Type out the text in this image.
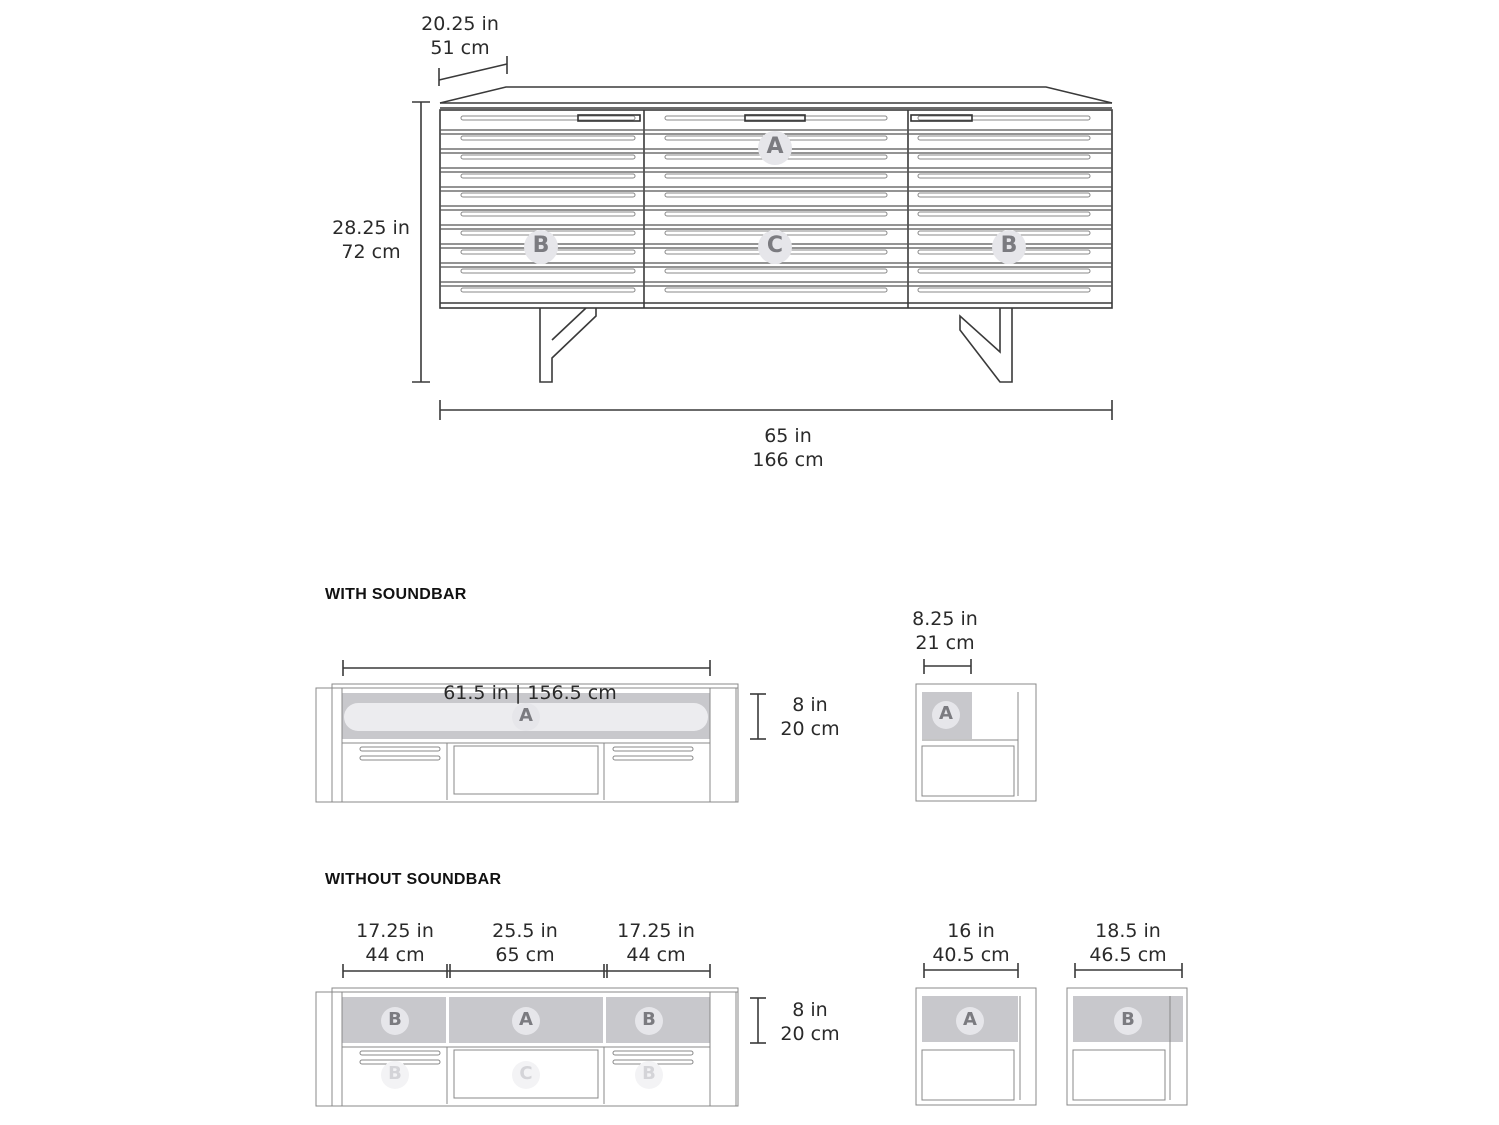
A
B	C	B
20.25 in
51 cm
28.25 in
72 cm
65 in
166 cm
WITH SOUNDBAR

61.5 in | 156.5 cm

8 in
20 cm
A
8.25 in
21 cm
A
WITHOUT SOUNDBAR
17.25 in
44 cm
25.5 in
65 cm
17.25 in
44 cm
8 in
20 cm
B	A	B
B	C	B
16 in
40.5 cm
A
18.5 in
46.5 cm
B
